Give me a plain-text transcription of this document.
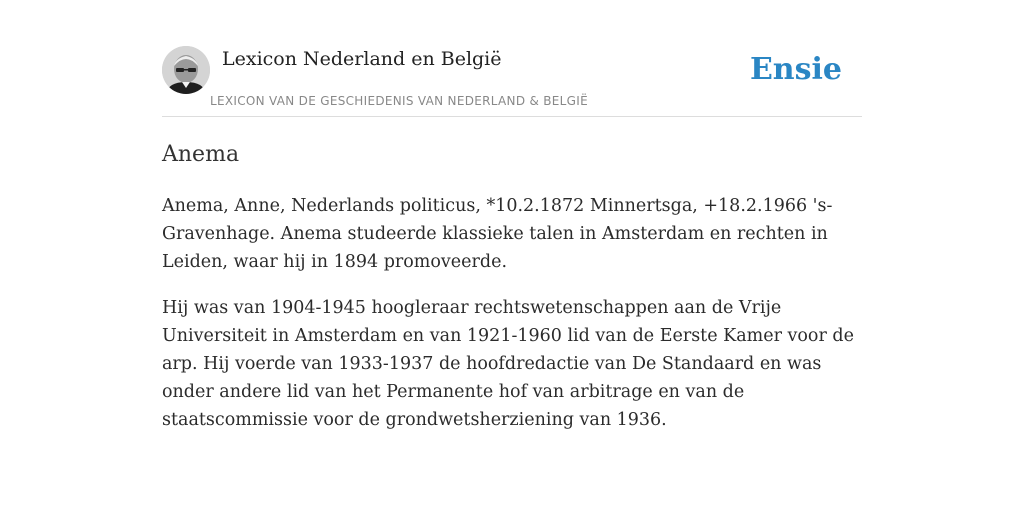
Lexicon Nederland en België
LEXICON VAN DE GESCHIEDENIS VAN NEDERLAND & BELGIË
Ensie
Anema

Anema, Anne, Nederlands politicus, *10.2.1872 Minnertsga, +18.2.1966 's-Gravenhage. Anema studeerde klassieke talen in Amsterdam en rechten in Leiden, waar hij in 1894 promoveerde.

Hij was van 1904-1945 hoogleraar rechtswetenschappen aan de Vrije Universiteit in Amsterdam en van 1921-1960 lid van de Eerste Kamer voor de arp. Hij voerde van 1933-1937 de hoofdredactie van De Standaard en was onder andere lid van het Permanente hof van arbitrage en van de staatscommissie voor de grondwetsherziening van 1936.
